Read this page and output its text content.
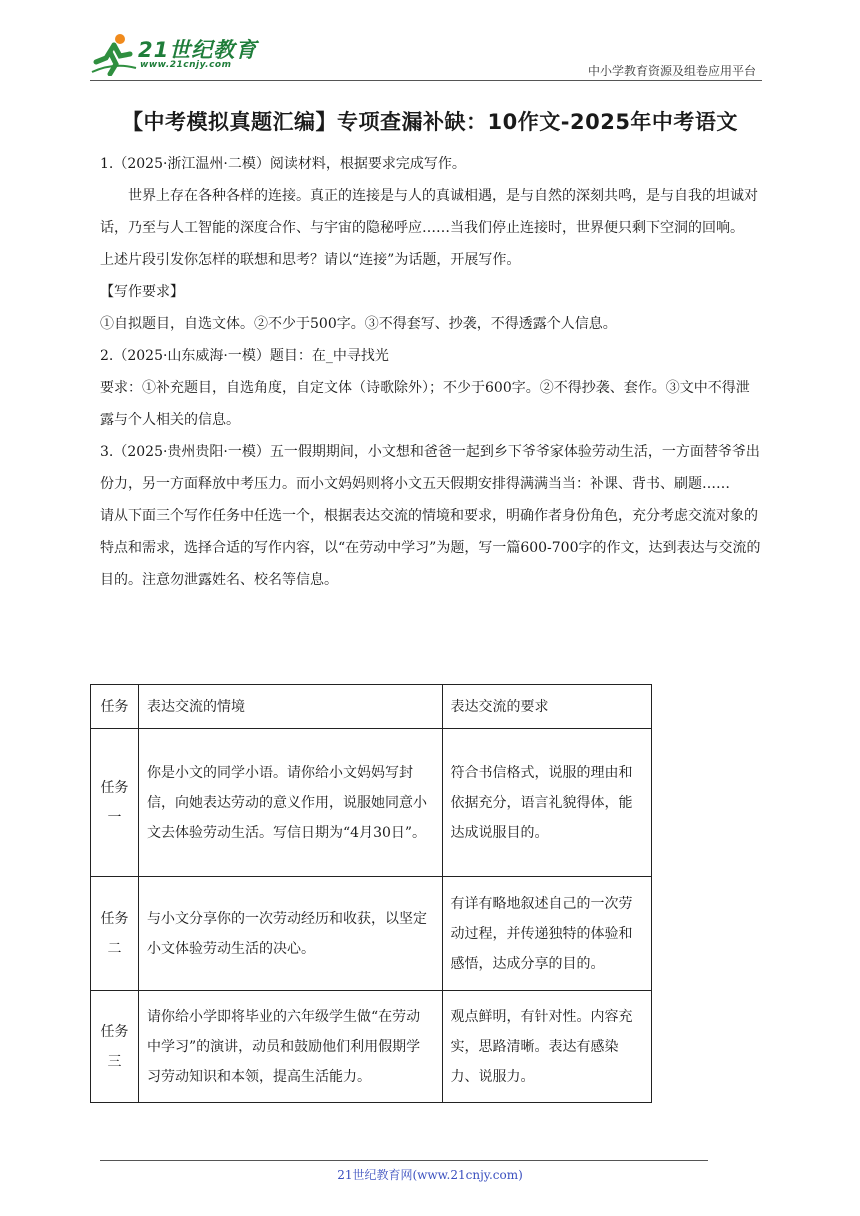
21世纪教育
www.21cnjy.com	中小学教育资源及组卷应用平台
【中考模拟真题汇编】专项查漏补缺：10作文-2025年中考语文

1.（2025·浙江温州·二模）阅读材料，根据要求完成写作。

世界上存在各种各样的连接。真正的连接是与人的真诚相遇，是与自然的深刻共鸣，是与自我的坦诚对话，乃至与人工智能的深度合作、与宇宙的隐秘呼应……当我们停止连接时，世界便只剩下空洞的回响。

上述片段引发你怎样的联想和思考？请以“连接”为话题，开展写作。

【写作要求】

①自拟题目，自选文体。②不少于500字。③不得套写、抄袭，不得透露个人信息。

2.（2025·山东威海·一模）题目：在_中寻找光

要求：①补充题目，自选角度，自定文体（诗歌除外）；不少于600字。②不得抄袭、套作。③文中不得泄露与个人相关的信息。

3.（2025·贵州贵阳·一模）五一假期期间，小文想和爸爸一起到乡下爷爷家体验劳动生活，一方面替爷爷出份力，另一方面释放中考压力。而小文妈妈则将小文五天假期安排得满满当当：补课、背书、刷题……

请从下面三个写作任务中任选一个，根据表达交流的情境和要求，明确作者身份角色，充分考虑交流对象的特点和需求，选择合适的写作内容，以“在劳动中学习”为题，写一篇600-700字的作文，达到表达与交流的目的。注意勿泄露姓名、校名等信息。

任务	表达交流的情境	表达交流的要求
任务一	你是小文的同学小语。请你给小文妈妈写封信，向她表达劳动的意义作用，说服她同意小文去体验劳动生活。写信日期为“4月30日”。	符合书信格式，说服的理由和依据充分，语言礼貌得体，能达成说服目的。
任务二	与小文分享你的一次劳动经历和收获，以坚定小文体验劳动生活的决心。	有详有略地叙述自己的一次劳动过程，并传递独特的体验和感悟，达成分享的目的。
任务三	请你给小学即将毕业的六年级学生做“在劳动中学习”的演讲，动员和鼓励他们利用假期学习劳动知识和本领，提高生活能力。	观点鲜明，有针对性。内容充实，思路清晰。表达有感染力、说服力。
21世纪教育网(www.21cnjy.com)
